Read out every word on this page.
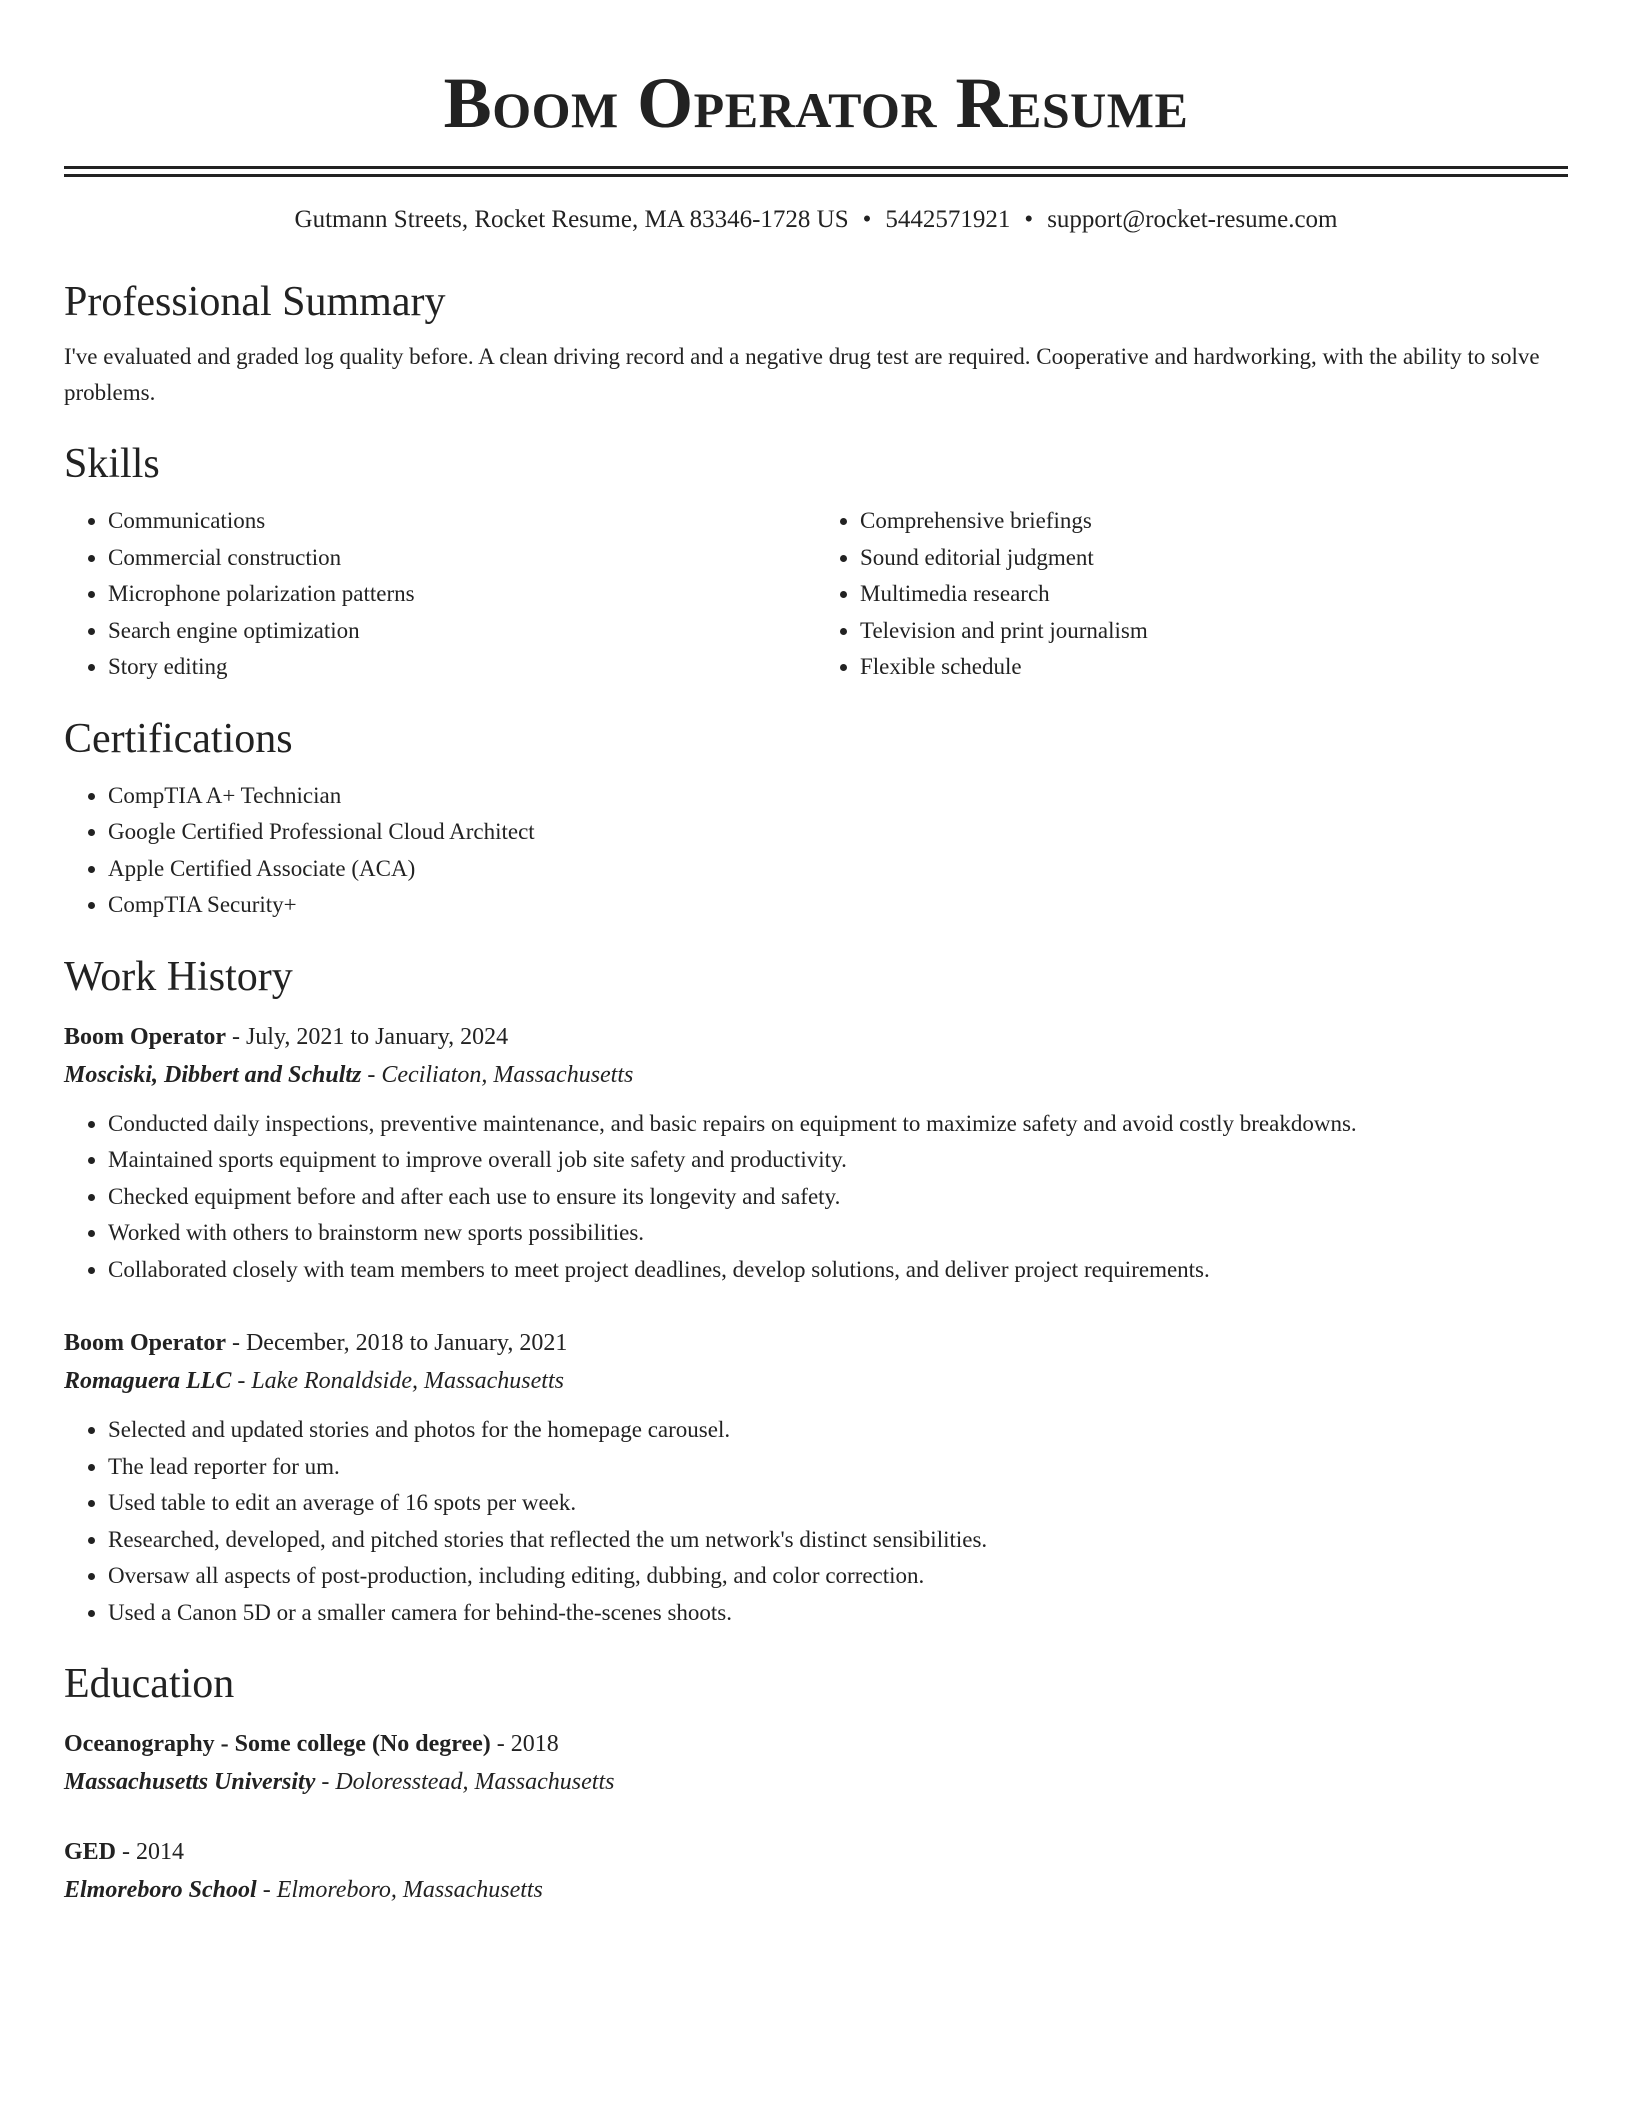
Boom Operator Resume
Gutmann Streets, Rocket Resume, MA 83346-1728 US • 5442571921 • support@rocket-resume.com
Professional Summary

I've evaluated and graded log quality before. A clean driving record and a negative drug test are required. Cooperative and hardworking, with the ability to solve problems.

Skills
• Communications
• Commercial construction
• Microphone polarization patterns
• Search engine optimization
• Story editing
• Comprehensive briefings
• Sound editorial judgment
• Multimedia research
• Television and print journalism
• Flexible schedule
Certifications
• CompTIA A+ Technician
• Google Certified Professional Cloud Architect
• Apple Certified Associate (ACA)
• CompTIA Security+
Work History
Boom Operator - July, 2021 to January, 2024
Mosciski, Dibbert and Schultz - Ceciliaton, Massachusetts
• Conducted daily inspections, preventive maintenance, and basic repairs on equipment to maximize safety and avoid costly breakdowns.
• Maintained sports equipment to improve overall job site safety and productivity.
• Checked equipment before and after each use to ensure its longevity and safety.
• Worked with others to brainstorm new sports possibilities.
• Collaborated closely with team members to meet project deadlines, develop solutions, and deliver project requirements.
Boom Operator - December, 2018 to January, 2021
Romaguera LLC - Lake Ronaldside, Massachusetts
• Selected and updated stories and photos for the homepage carousel.
• The lead reporter for um.
• Used table to edit an average of 16 spots per week.
• Researched, developed, and pitched stories that reflected the um network's distinct sensibilities.
• Oversaw all aspects of post-production, including editing, dubbing, and color correction.
• Used a Canon 5D or a smaller camera for behind-the-scenes shoots.
Education
Oceanography - Some college (No degree) - 2018
Massachusetts University - Doloresstead, Massachusetts
GED - 2014
Elmoreboro School - Elmoreboro, Massachusetts
